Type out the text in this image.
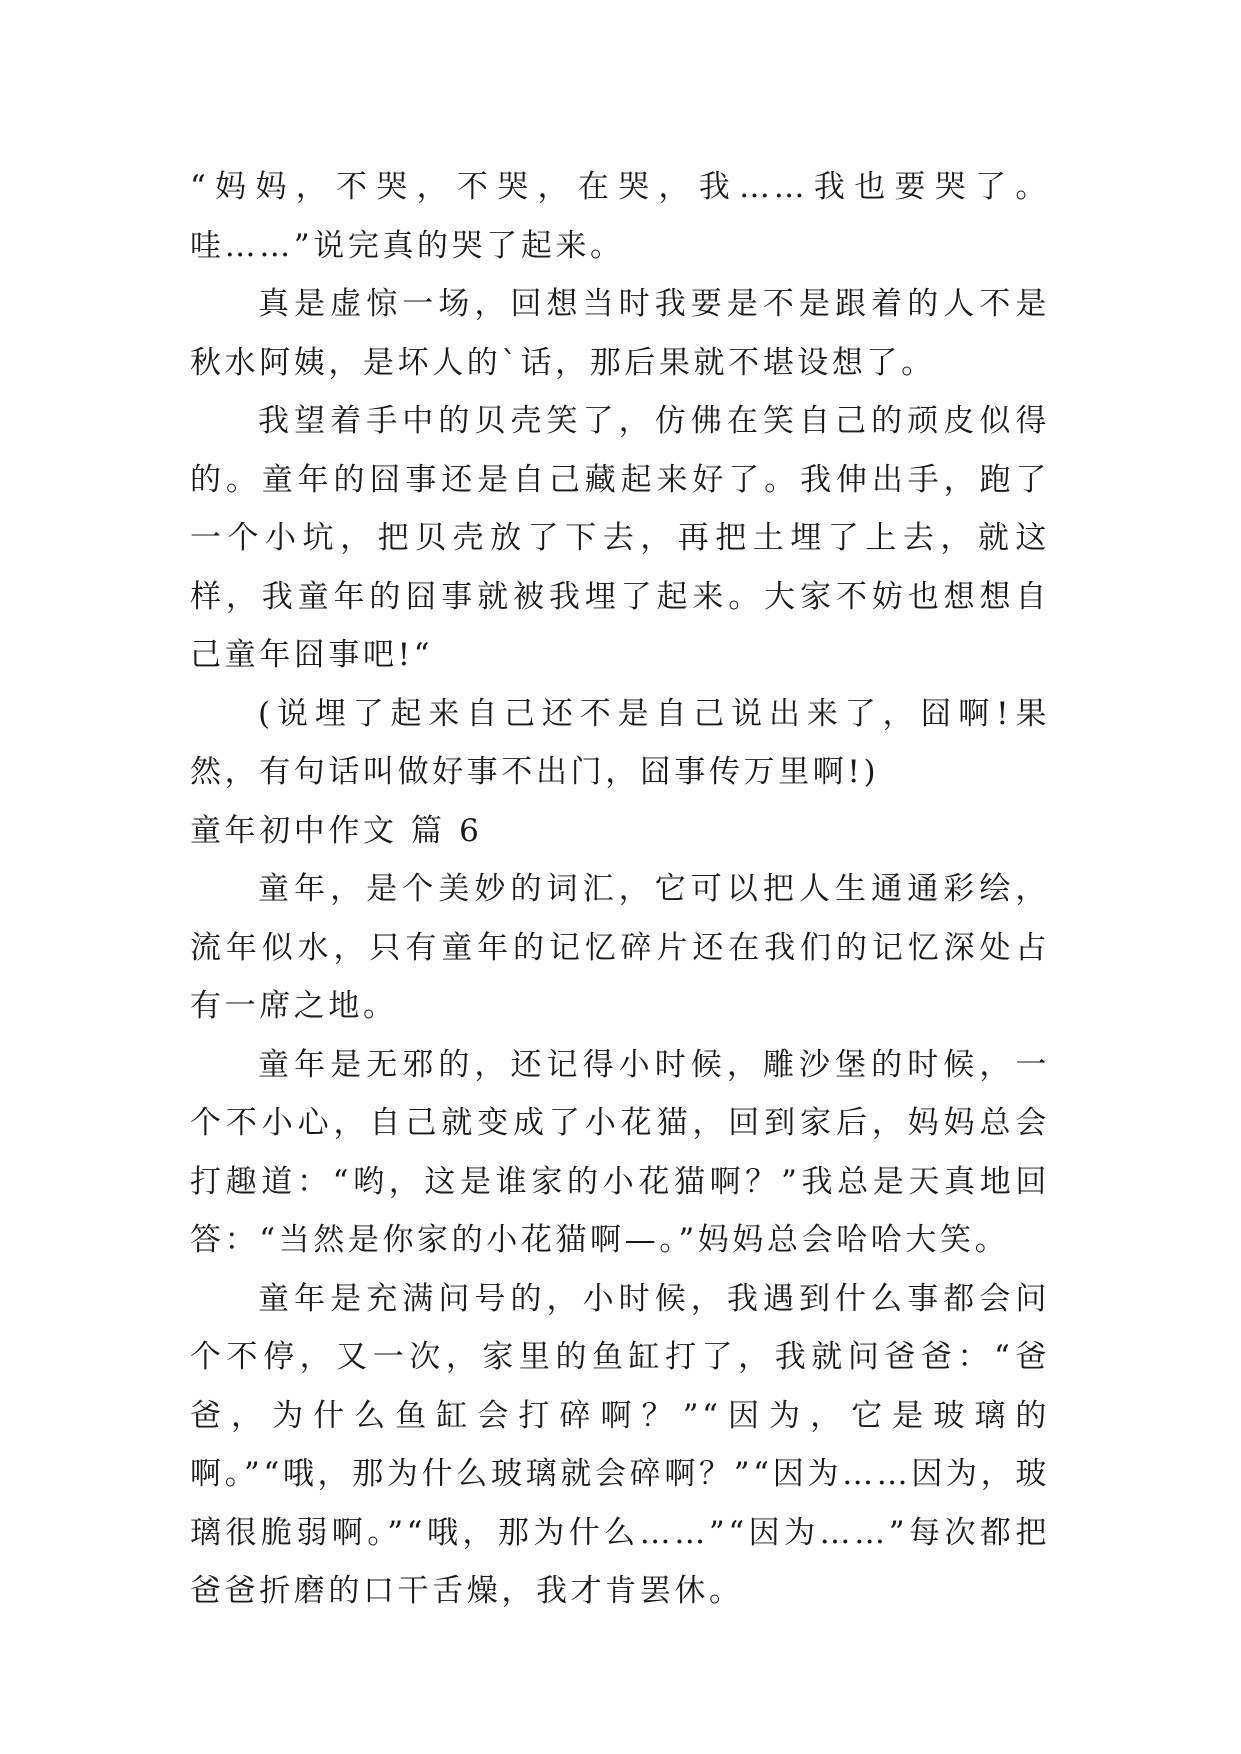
“妈妈，不哭，不哭，在哭，我……我也要哭了。哇……”说完真的哭了起来。

真是虚惊一场，回想当时我要是不是跟着的人不是秋水阿姨，是坏人的`话，那后果就不堪设想了。

我望着手中的贝壳笑了，仿佛在笑自己的顽皮似得的。童年的囧事还是自己藏起来好了。我伸出手，跑了一个小坑，把贝壳放了下去，再把土埋了上去，就这样，我童年的囧事就被我埋了起来。大家不妨也想想自己童年囧事吧!“

(说埋了起来自己还不是自己说出来了，囧啊!果然，有句话叫做好事不出门，囧事传万里啊!)

童年初中作文 篇 6

童年，是个美妙的词汇，它可以把人生通通彩绘，流年似水，只有童年的记忆碎片还在我们的记忆深处占有一席之地。

童年是无邪的，还记得小时候，雕沙堡的时候，一个不小心，自己就变成了小花猫，回到家后，妈妈总会打趣道：“哟，这是谁家的小花猫啊？”我总是天真地回答：“当然是你家的小花猫啊—。”妈妈总会哈哈大笑。

童年是充满问号的，小时候，我遇到什么事都会问个不停，又一次，家里的鱼缸打了，我就问爸爸：“爸爸，为什么鱼缸会打碎啊？”“因为，它是玻璃的啊。”“哦，那为什么玻璃就会碎啊？”“因为……因为，玻璃很脆弱啊。”“哦，那为什么……”“因为……”每次都把爸爸折磨的口干舌燥，我才肯罢休。
